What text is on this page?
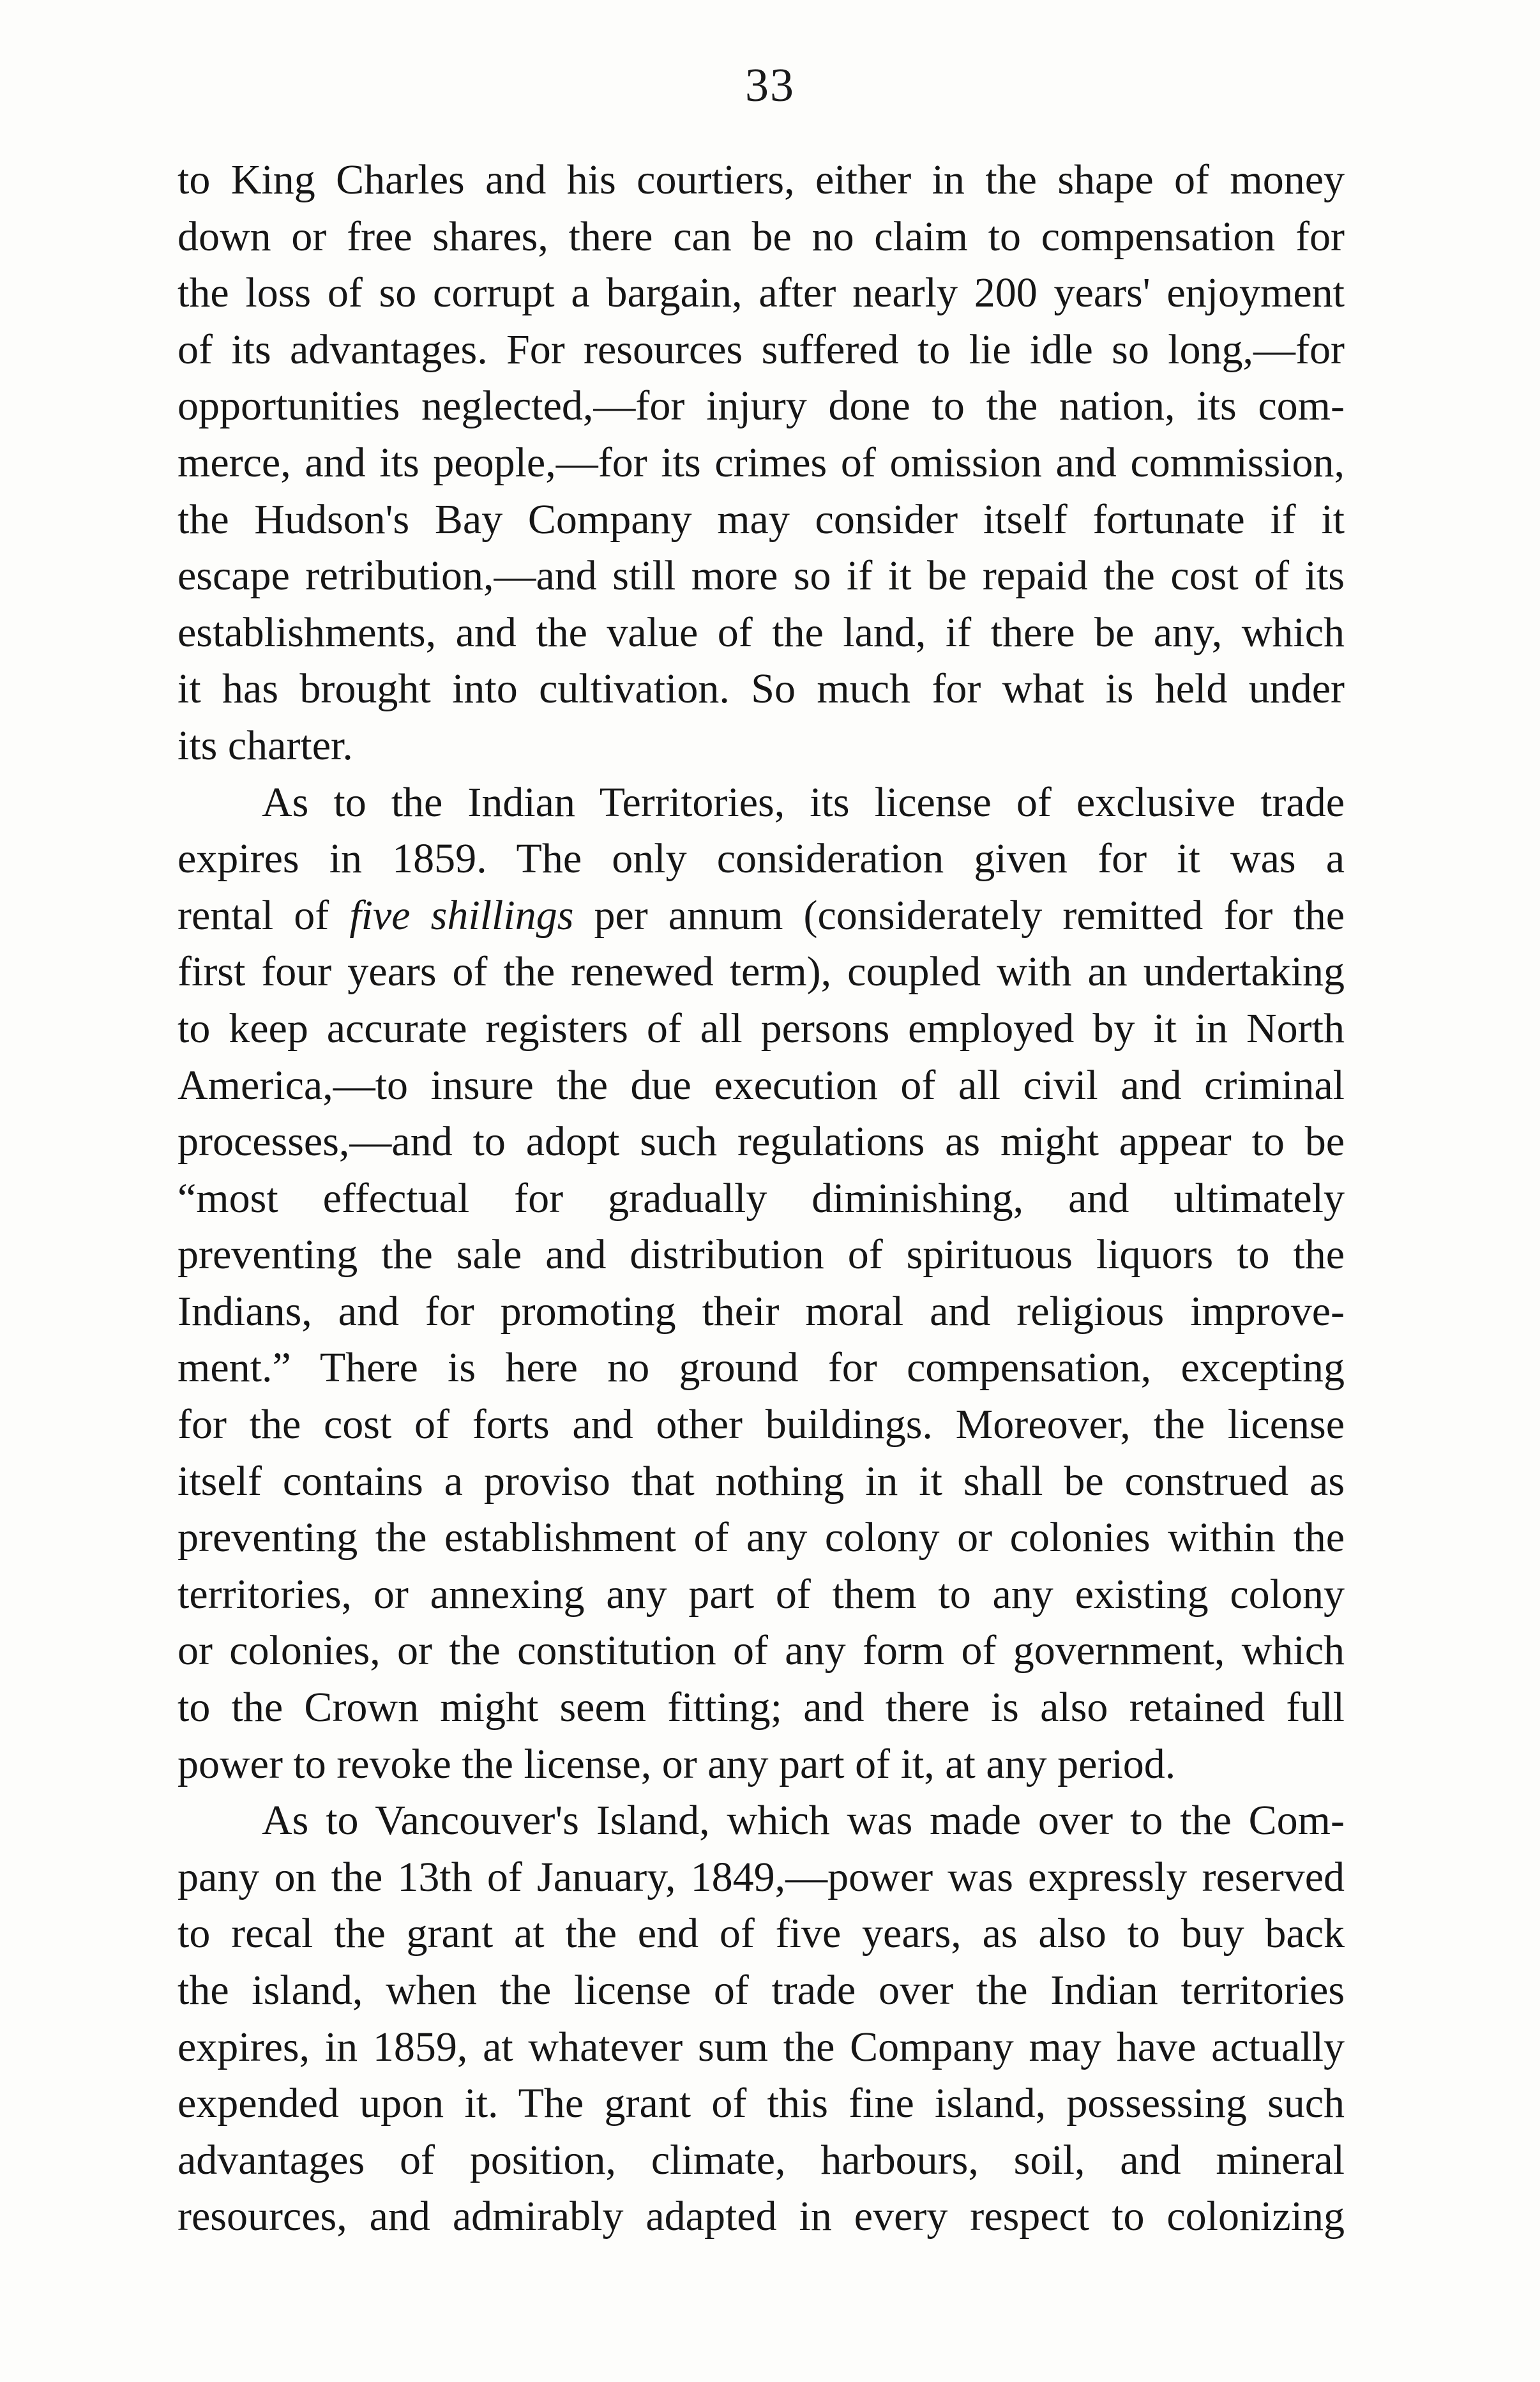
33
to King Charles and his courtiers, either in the shape of money
down or free shares, there can be no claim to compensation for
the loss of so corrupt a bargain, after nearly 200 years' enjoyment
of its advantages. For resources suffered to lie idle so long,—for
opportunities neglected,—for injury done to the nation, its com-
merce, and its people,—for its crimes of omission and commission,
the Hudson's Bay Company may consider itself fortunate if it
escape retribution,—and still more so if it be repaid the cost of its
establishments, and the value of the land, if there be any, which
it has brought into cultivation. So much for what is held under
its charter.
As to the Indian Territories, its license of exclusive trade
expires in 1859. The only consideration given for it was a
rental of five shillings per annum (considerately remitted for the
first four years of the renewed term), coupled with an undertaking
to keep accurate registers of all persons employed by it in North
America,—to insure the due execution of all civil and criminal
processes,—and to adopt such regulations as might appear to be
“most effectual for gradually diminishing, and ultimately
preventing the sale and distribution of spirituous liquors to the
Indians, and for promoting their moral and religious improve-
ment.” There is here no ground for compensation, excepting
for the cost of forts and other buildings. Moreover, the license
itself contains a proviso that nothing in it shall be construed as
preventing the establishment of any colony or colonies within the
territories, or annexing any part of them to any existing colony
or colonies, or the constitution of any form of government, which
to the Crown might seem fitting; and there is also retained full
power to revoke the license, or any part of it, at any period.
As to Vancouver's Island, which was made over to the Com-
pany on the 13th of January, 1849,—power was expressly reserved
to recal the grant at the end of five years, as also to buy back
the island, when the license of trade over the Indian territories
expires, in 1859, at whatever sum the Company may have actually
expended upon it. The grant of this fine island, possessing such
advantages of position, climate, harbours, soil, and mineral
resources, and admirably adapted in every respect to colonizing
